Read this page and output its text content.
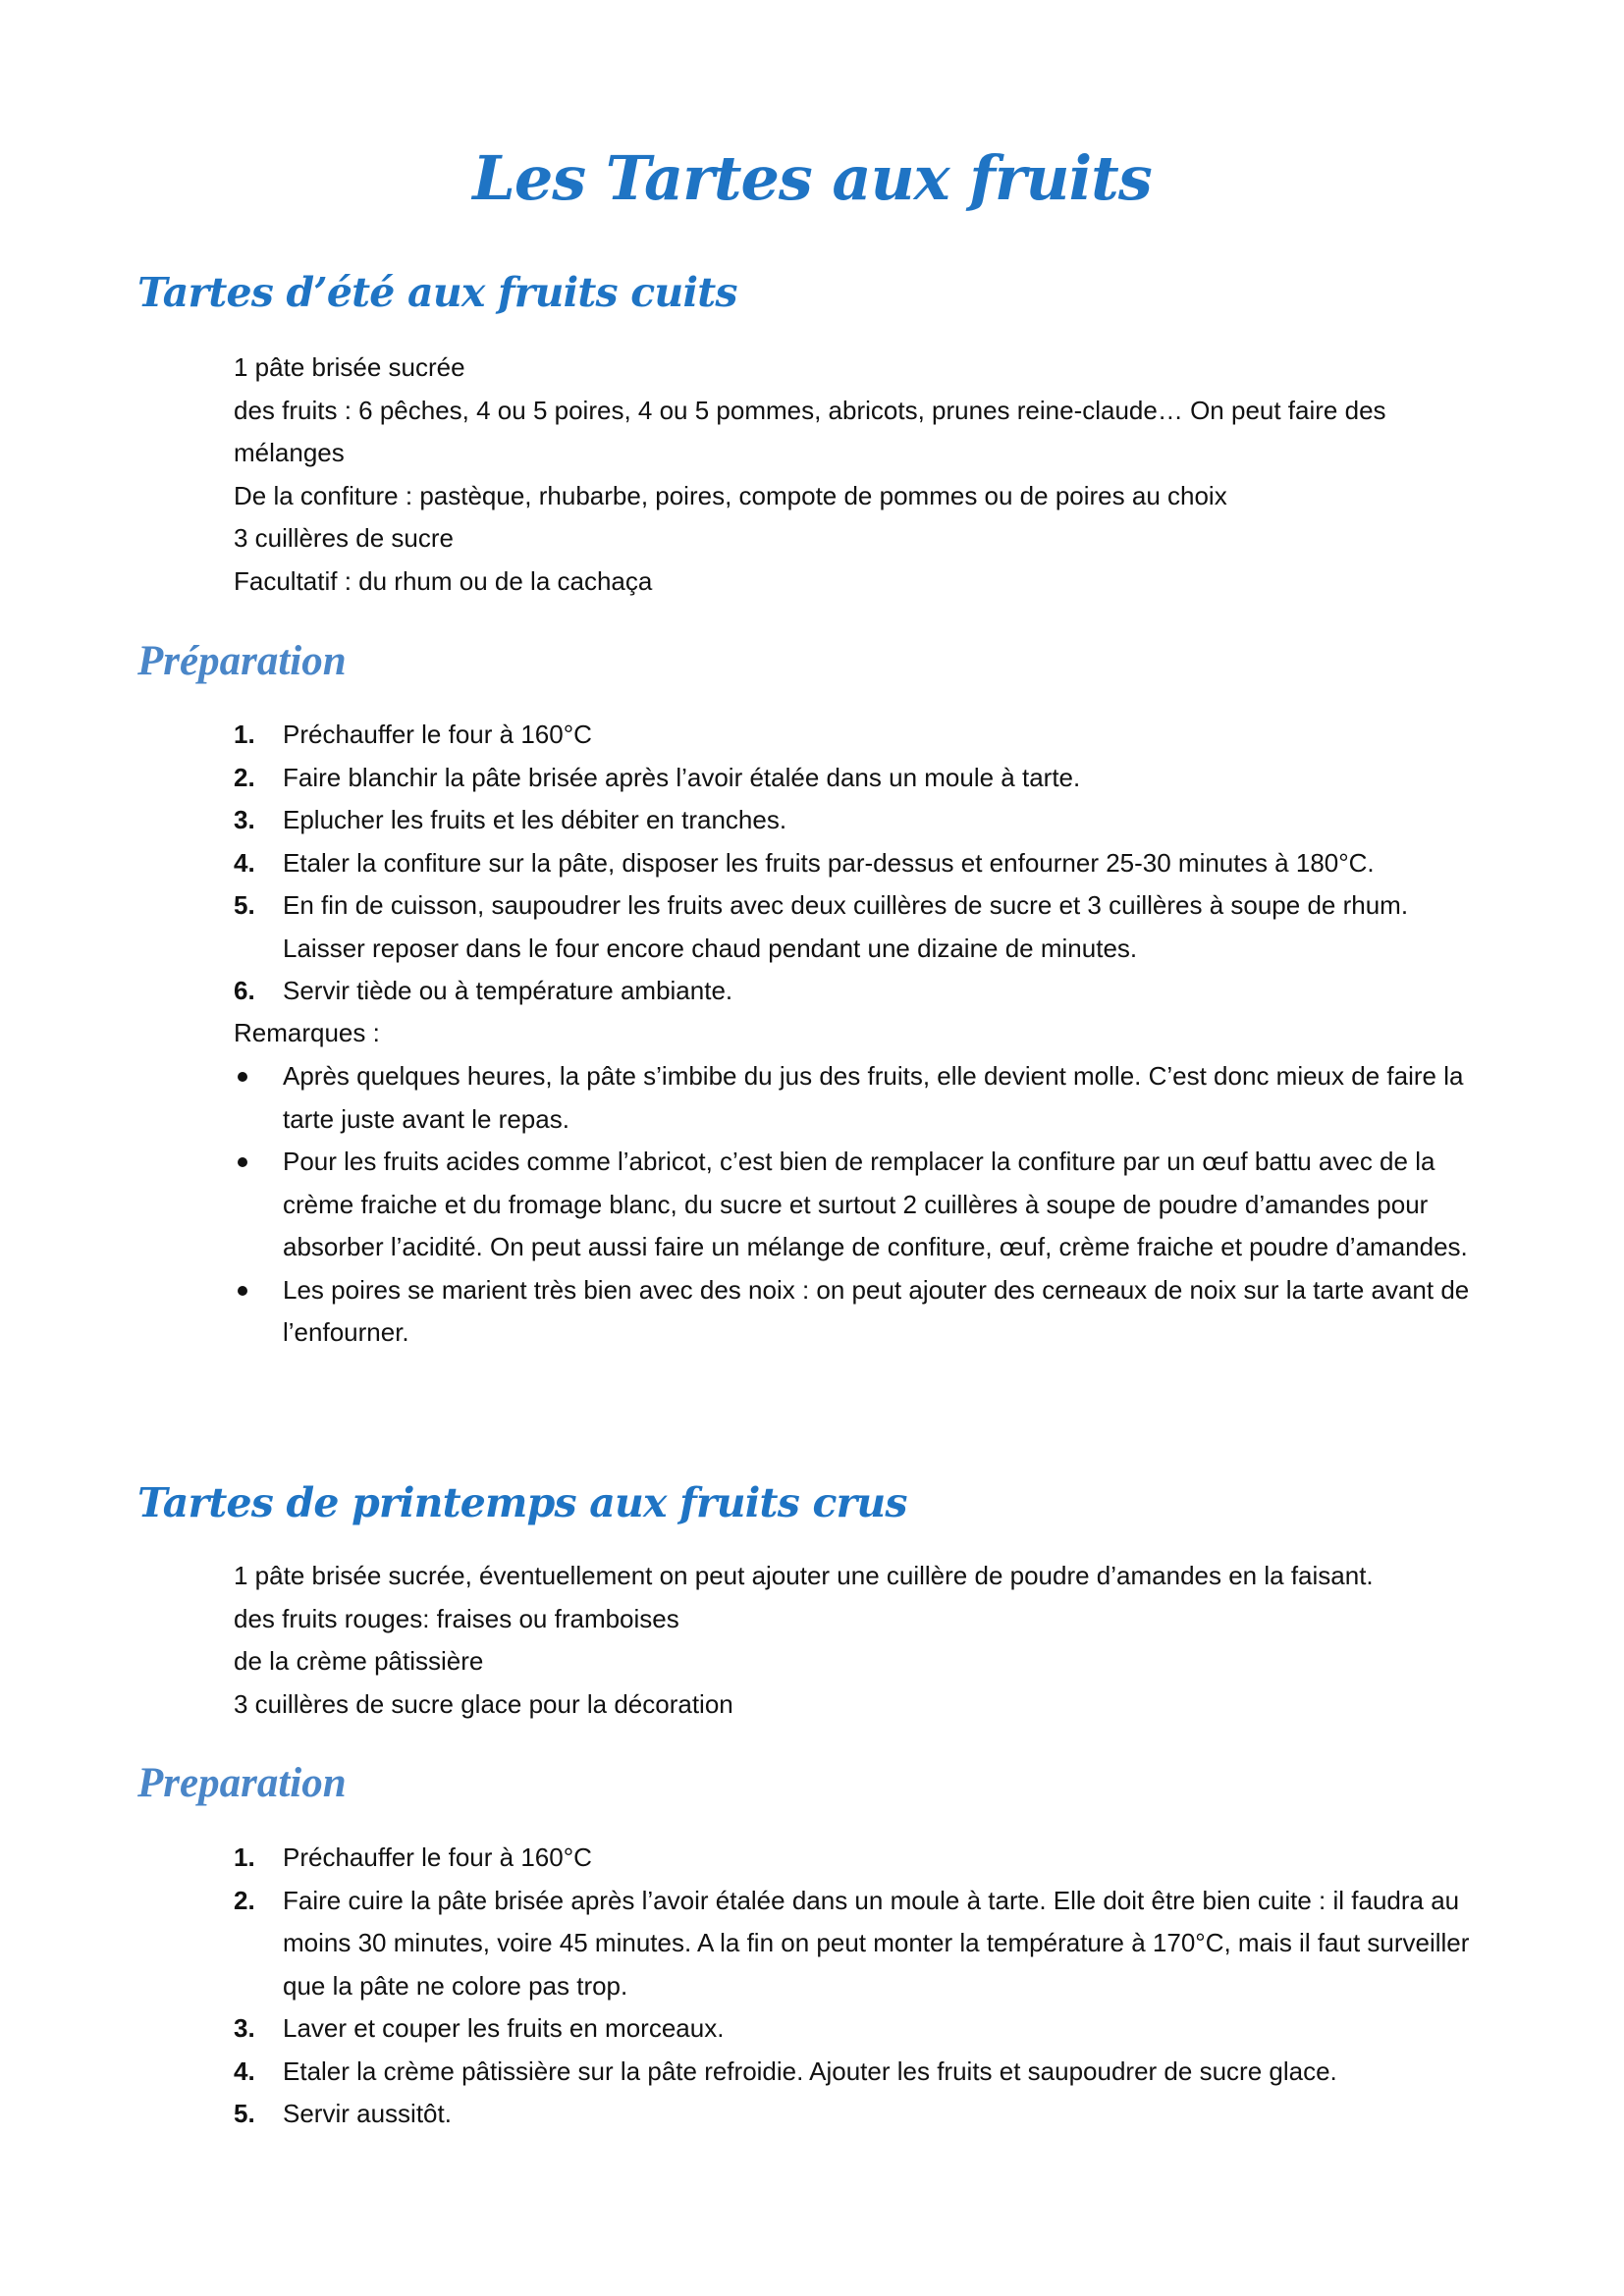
Les Tartes aux fruits
Tartes d’été aux fruits cuits
1 pâte brisée sucrée
des fruits : 6 pêches, 4 ou 5 poires, 4 ou 5 pommes, abricots, prunes reine-claude… On peut faire des mélanges
De la confiture : pastèque, rhubarbe, poires, compote de pommes ou de poires au choix
3 cuillères de sucre
Facultatif : du rhum ou de la cachaça
Préparation
1. Préchauffer le four à 160°C
2. Faire blanchir la pâte brisée après l’avoir étalée dans un moule à tarte.
3. Eplucher les fruits et les débiter en tranches.
4. Etaler la confiture sur la pâte, disposer les fruits par-dessus et enfourner 25-30 minutes à 180°C.
5. En fin de cuisson, saupoudrer les fruits avec deux cuillères de sucre et 3 cuillères à soupe de rhum. Laisser reposer dans le four encore chaud pendant une dizaine de minutes.
6. Servir tiède ou à température ambiante.

Remarques :

Après quelques heures, la pâte s’imbibe du jus des fruits, elle devient molle. C’est donc mieux de faire la tarte juste avant le repas.
Pour les fruits acides comme l’abricot, c’est bien de remplacer la confiture par un œuf battu avec de la crème fraiche et du fromage blanc, du sucre et surtout 2 cuillères à soupe de poudre d’amandes pour absorber l’acidité. On peut aussi faire un mélange de confiture, œuf, crème fraiche et poudre d’amandes.
Les poires se marient très bien avec des noix : on peut ajouter des cerneaux de noix sur la tarte avant de l’enfourner.
Tartes de printemps aux fruits crus
1 pâte brisée sucrée, éventuellement on peut ajouter une cuillère de poudre d’amandes en la faisant.
des fruits rouges: fraises ou framboises
de la crème pâtissière
3 cuillères de sucre glace pour la décoration
Preparation
1. Préchauffer le four à 160°C
2. Faire cuire la pâte brisée après l’avoir étalée dans un moule à tarte. Elle doit être bien cuite : il faudra au moins 30 minutes, voire 45 minutes. A la fin on peut monter la température à 170°C, mais il faut surveiller que la pâte ne colore pas trop.
3. Laver et couper les fruits en morceaux.
4. Etaler la crème pâtissière sur la pâte refroidie. Ajouter les fruits et saupoudrer de sucre glace.
5. Servir aussitôt.
